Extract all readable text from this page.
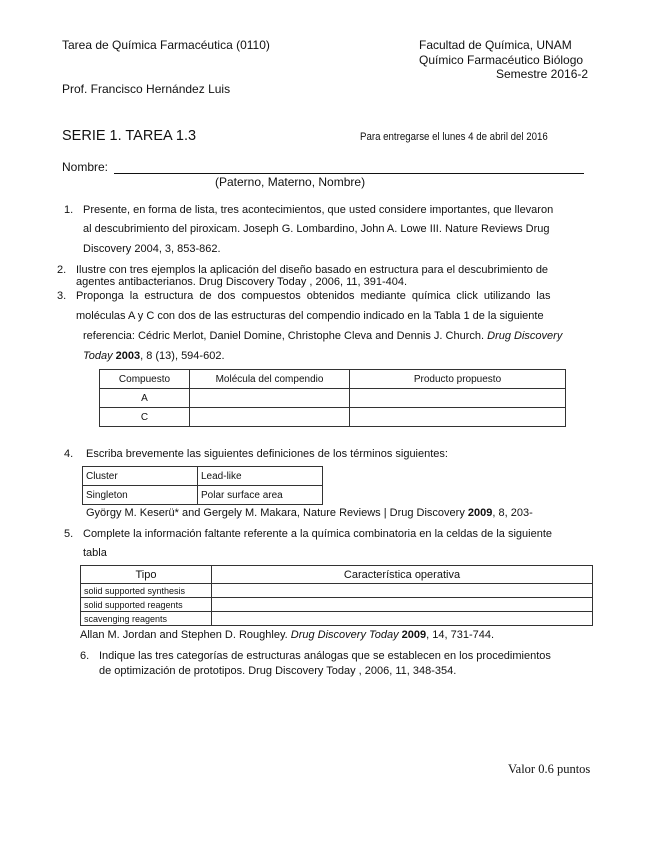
Tarea de Química Farmacéutica (0110)	Facultad de Química, UNAM
Químico Farmacéutico Biólogo
Semestre 2016-2
Prof. Francisco Hernández Luis
SERIE 1. TAREA 1.3	Para entregarse el lunes 4 de abril del 2016
Nombre:
(Paterno, Materno, Nombre)
1. Presente, en forma de lista, tres acontecimientos, que usted considere importantes, que llevaron
al descubrimiento del piroxicam. Joseph G. Lombardino, John A. Lowe III. Nature Reviews Drug
Discovery 2004, 3, 853-862.
2. Ilustre con tres ejemplos la aplicación del diseño basado en estructura para el descubrimiento de
agentes antibacterianos. Drug Discovery Today , 2006, 11, 391-404.
3. Proponga la estructura de dos compuestos obtenidos mediante química click utilizando las
moléculas A y C con dos de las estructuras del compendio indicado en la Tabla 1 de la siguiente
referencia: Cédric Merlot, Daniel Domine, Christophe Cleva and Dennis J. Church. Drug Discovery
Today 2003, 8 (13), 594-602.
Compuesto	Molécula del compendio	Producto propuesto
A		
C		
4. Escriba brevemente las siguientes definiciones de los términos siguientes:
Cluster	Lead-like
Singleton	Polar surface area
György M. Keserü* and Gergely M. Makara, Nature Reviews | Drug Discovery 2009, 8, 203-
5. Complete la información faltante referente a la química combinatoria en la celdas de la siguiente
tabla
Tipo	Característica operativa
solid supported synthesis	
solid supported reagents	
scavenging reagents	
Allan M. Jordan and Stephen D. Roughley. Drug Discovery Today 2009, 14, 731-744.
6. Indique las tres categorías de estructuras análogas que se establecen en los procedimientos
de optimización de prototipos. Drug Discovery Today , 2006, 11, 348-354.
Valor 0.6 puntos
